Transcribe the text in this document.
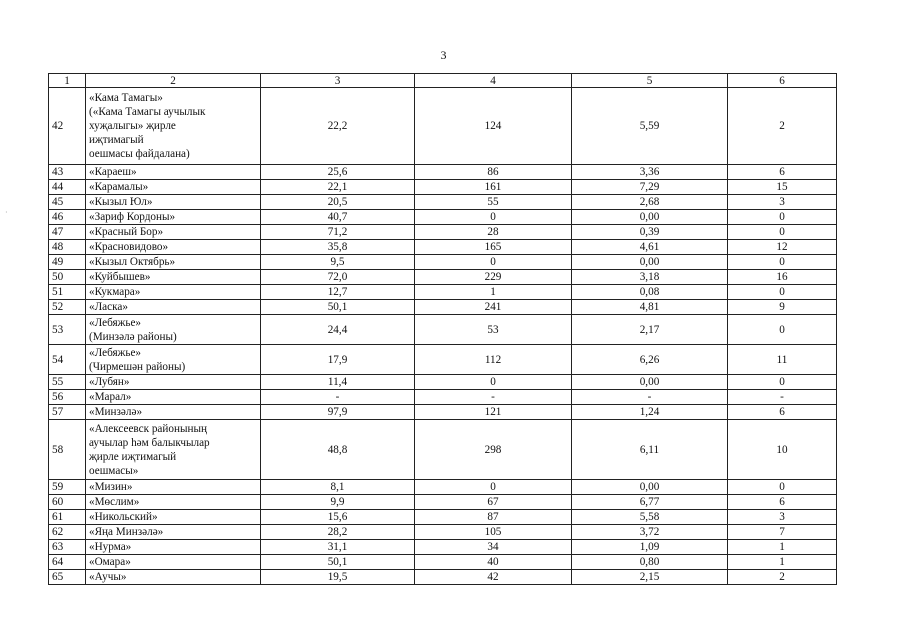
3
1	2	3	4	5	6
42	«Кама Тамагы»
(«Кама Тамагы аучылык
хуҗалыгы» җирле
иҗтимагый
оешмасы файдалана)	22,2	124	5,59	2
43	«Караеш»	25,6	86	3,36	6
44	«Карамалы»	22,1	161	7,29	15
45	«Кызыл Юл»	20,5	55	2,68	3
46	«Зариф Кордоны»	40,7	0	0,00	0
47	«Красный Бор»	71,2	28	0,39	0
48	«Красновидово»	35,8	165	4,61	12
49	«Кызыл Октябрь»	9,5	0	0,00	0
50	«Куйбышев»	72,0	229	3,18	16
51	«Кукмара»	12,7	1	0,08	0
52	«Ласка»	50,1	241	4,81	9
53	«Лебяжье»
(Минзәлә районы)	24,4	53	2,17	0
54	«Лебяжье»
(Чирмешән районы)	17,9	112	6,26	11
55	«Лубян»	11,4	0	0,00	0
56	«Марал»	-	-	-	-
57	«Минзәлә»	97,9	121	1,24	6
58	«Алексеевск районының
аучылар һәм балыкчылар
җирле иҗтимагый
оешмасы»	48,8	298	6,11	10
59	«Мизин»	8,1	0	0,00	0
60	«Мөслим»	9,9	67	6,77	6
61	«Никольский»	15,6	87	5,58	3
62	«Яңа Минзәлә»	28,2	105	3,72	7
63	«Нурма»	31,1	34	1,09	1
64	«Омара»	50,1	40	0,80	1
65	«Аучы»	19,5	42	2,15	2
·
